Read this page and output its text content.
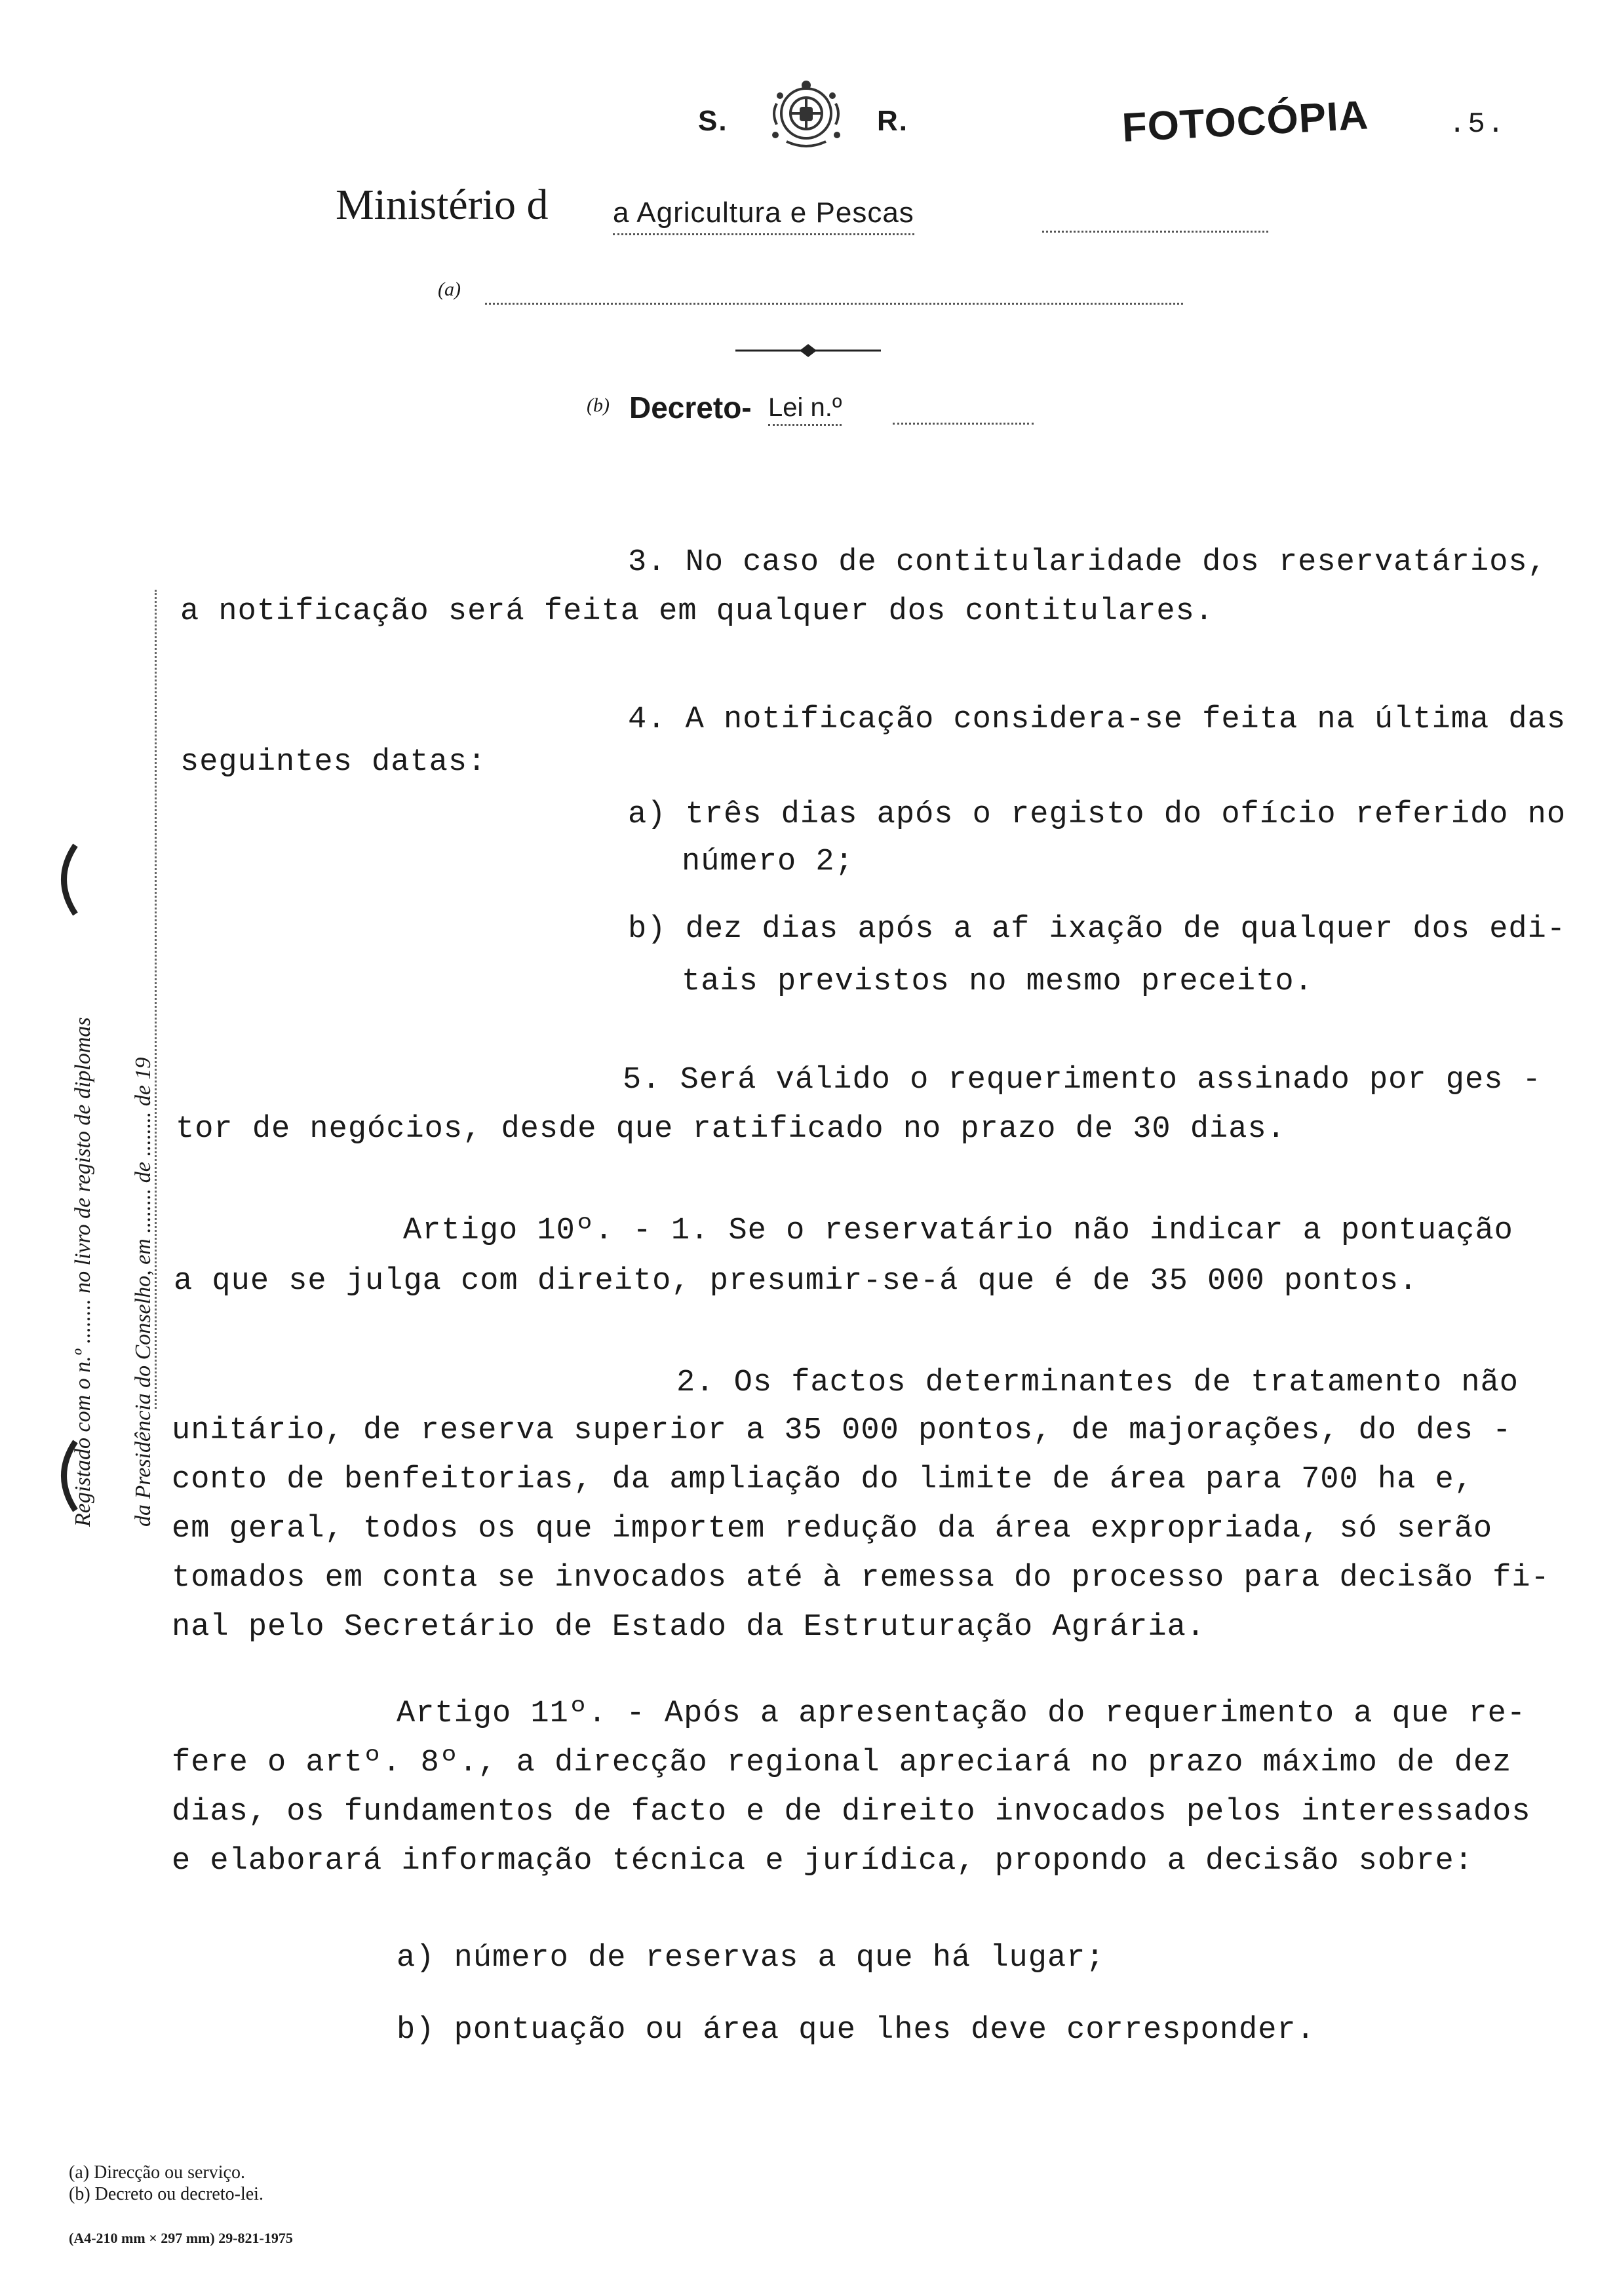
S.	R.	FOTOCÓPIA	.5.
Ministério d a Agricultura e Pescas
(a)
(b) Decreto- Lei n.º
Registado com o n.º ........ no livro de registo de diplomas da Presidência do Conselho, em ........ de ........ de 19
3. No caso de contitularidade dos reservatários,
a notificação será feita em qualquer dos contitulares.
4. A notificação considera-se feita na última das
seguintes datas:
a) três dias após o registo do ofício referido no
número 2;
b) dez dias após a af ixação de qualquer dos edi-
tais previstos no mesmo preceito.
5. Será válido o requerimento assinado por ges -
tor de negócios, desde que ratificado no prazo de 30 dias.
Artigo 10º. - 1. Se o reservatário não indicar a pontuação
a que se julga com direito, presumir-se-á que é de 35 000 pontos.
2. Os factos determinantes de tratamento não
unitário, de reserva superior a 35 000 pontos, de majorações, do des -
conto de benfeitorias, da ampliação do limite de área para 700 ha e,
em geral, todos os que importem redução da área expropriada, só serão
tomados em conta se invocados até à remessa do processo para decisão fi-
nal pelo Secretário de Estado da Estruturação Agrária.
Artigo 11º. - Após a apresentação do requerimento a que re-
fere o artº. 8º., a direcção regional apreciará no prazo máximo de dez
dias, os fundamentos de facto e de direito invocados pelos interessados
e elaborará informação técnica e jurídica, propondo a decisão sobre:
a) número de reservas a que há lugar;
b) pontuação ou área que lhes deve corresponder.
(a) Direcção ou serviço.
(b) Decreto ou decreto-lei.
(A4-210 mm × 297 mm) 29-821-1975
